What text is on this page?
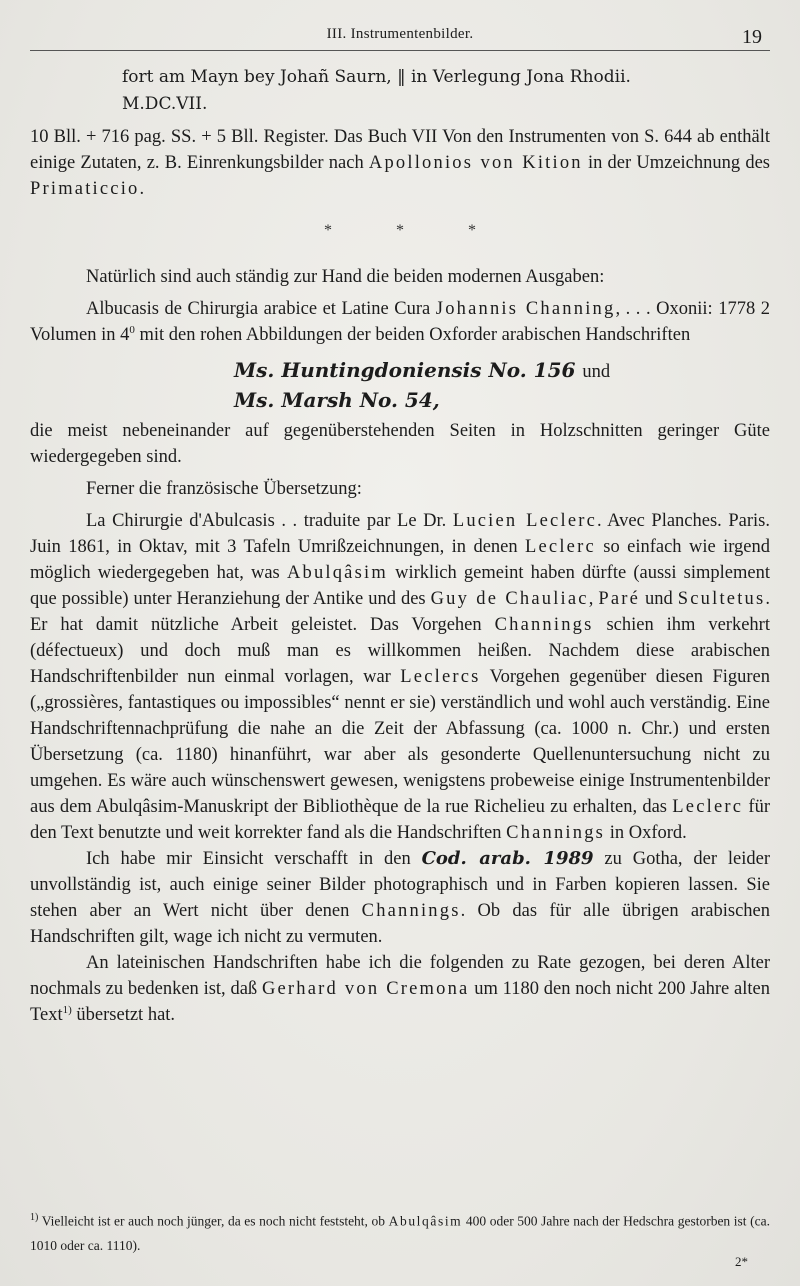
III. Instrumentenbilder.	19
fort am Mayn bey Johañ Saurn, ‖ in Verlegung Jona Rhodii.
M.DC.VII.

10 Bll. + 716 pag. SS. + 5 Bll. Register. Das Buch VII Von den Instrumenten von S. 644 ab enthält einige Zutaten, z. B. Einrenkungsbilder nach Apollonios von Kition in der Umzeichnung des Primaticcio.

* * *

Natürlich sind auch ständig zur Hand die beiden modernen Ausgaben:

Albucasis de Chirurgia arabice et Latine Cura Johannis Channing, . . . Oxonii: 1778 2 Volumen in $4^0$ mit den rohen Abbildungen der beiden Oxforder arabischen Handschriften

Ms. Huntingdoniensis No. 156 und
Ms. Marsh No. 54,

die meist nebeneinander auf gegenüberstehenden Seiten in Holzschnitten geringer Güte wiedergegeben sind.

Ferner die französische Übersetzung:

La Chirurgie d'Abulcasis . . traduite par Le Dr. Lucien Leclerc. Avec Planches. Paris. Juin 1861, in Oktav, mit 3 Tafeln Umrißzeichnungen, in denen Leclerc so einfach wie irgend möglich wiedergegeben hat, was Abulqâsim wirklich gemeint haben dürfte (aussi simplement que possible) unter Heranziehung der Antike und des Guy de Chauliac, Paré und Scultetus. Er hat damit nützliche Arbeit geleistet. Das Vorgehen Channings schien ihm verkehrt (défectueux) und doch muß man es willkommen heißen. Nachdem diese arabischen Handschriftenbilder nun einmal vorlagen, war Leclercs Vorgehen gegenüber diesen Figuren („grossières, fantastiques ou impossibles“ nennt er sie) verständlich und wohl auch verständig. Eine Handschriftennachprüfung die nahe an die Zeit der Abfassung (ca. 1000 n. Chr.) und ersten Übersetzung (ca. 1180) hinanführt, war aber als gesonderte Quellenuntersuchung nicht zu umgehen. Es wäre auch wünschenswert gewesen, wenigstens probeweise einige Instrumentenbilder aus dem Abulqâsim-Manuskript der Bibliothèque de la rue Richelieu zu erhalten, das Leclerc für den Text benutzte und weit korrekter fand als die Handschriften Channings in Oxford.

Ich habe mir Einsicht verschafft in den Cod. arab. 1989 zu Gotha, der leider unvollständig ist, auch einige seiner Bilder photographisch und in Farben kopieren lassen. Sie stehen aber an Wert nicht über denen Channings. Ob das für alle übrigen arabischen Handschriften gilt, wage ich nicht zu vermuten.

An lateinischen Handschriften habe ich die folgenden zu Rate gezogen, bei deren Alter nochmals zu bedenken ist, daß Gerhard von Cremona um 1180 den noch nicht 200 Jahre alten Text$^{1)}$ übersetzt hat.

$^{1)}$ Vielleicht ist er auch noch jünger, da es noch nicht feststeht, ob Abulqâsim 400 oder 500 Jahre nach der Hedschra gestorben ist (ca. 1010 oder ca. 1110).
2*
